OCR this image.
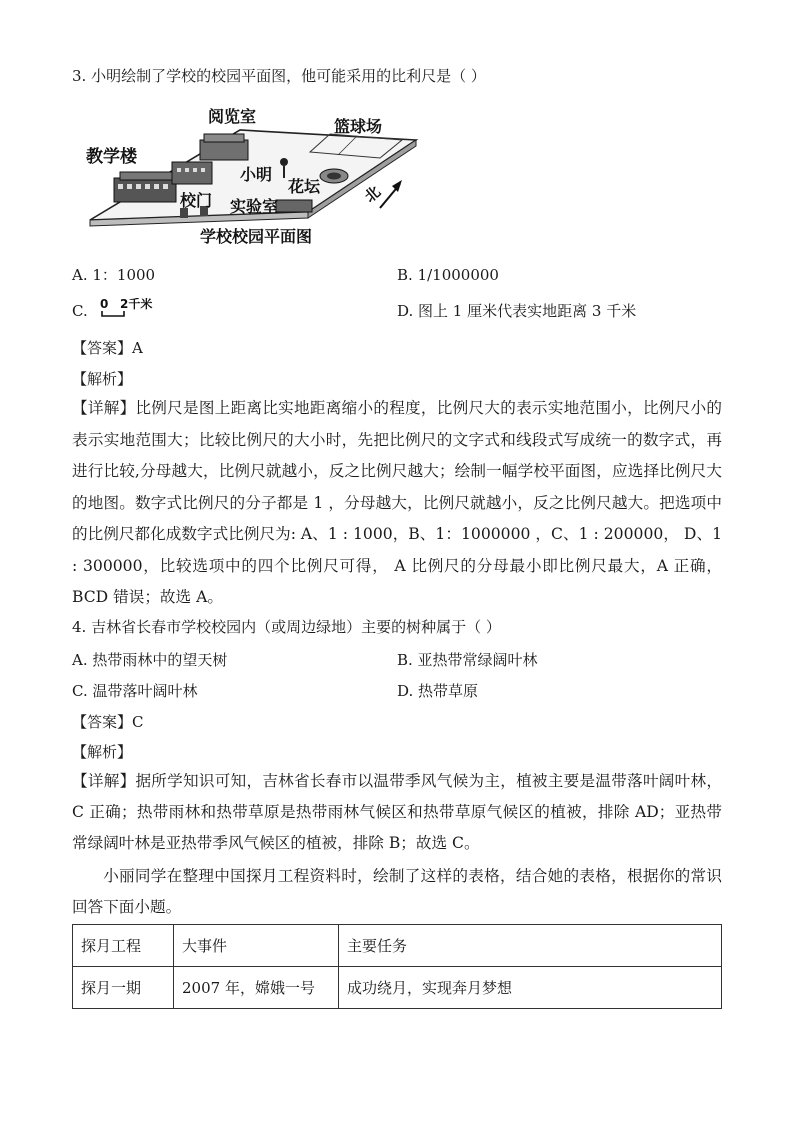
3. 小明绘制了学校的校园平面图，他可能采用的比利尺是（ ）
阅览室
篮球场
教学楼
小明
花坛	北
校门 实验室
学校校园平面图
A. 1：1000	B. 1/1000000
C. 0 2千米	D. 图上 1 厘米代表实地距离 3 千米
【答案】A
【解析】
【详解】比例尺是图上距离比实地距离缩小的程度，比例尺大的表示实地范围小，比例尺小的表示实地范围大；比较比例尺的大小时，先把比例尺的文字式和线段式写成统一的数字式，再进行比较,分母越大，比例尺就越小，反之比例尺越大；绘制一幅学校平面图，应选择比例尺大的地图。数字式比例尺的分子都是 1 ，分母越大，比例尺就越小，反之比例尺越大。把选项中的比例尺都化成数字式比例尺为: A、1 : 1000，B、1：1000000 ，C、1 : 200000， D、1 : 300000，比较选项中的四个比例尺可得， A 比例尺的分母最小即比例尺最大，A 正确，BCD 错误；故选 A。
4. 吉林省长春市学校校园内（或周边绿地）主要的树种属于（ ）
A. 热带雨林中的望天树	B. 亚热带常绿阔叶林
C. 温带落叶阔叶林	D. 热带草原
【答案】C
【解析】
【详解】据所学知识可知，吉林省长春市以温带季风气候为主，植被主要是温带落叶阔叶林，C 正确；热带雨林和热带草原是热带雨林气候区和热带草原气候区的植被，排除 AD；亚热带常绿阔叶林是亚热带季风气候区的植被，排除 B；故选 C。
小丽同学在整理中国探月工程资料时，绘制了这样的表格，结合她的表格，根据你的常识回答下面小题。
探月工程	大事件	主要任务
探月一期	2007 年，嫦娥一号	成功绕月，实现奔月梦想
